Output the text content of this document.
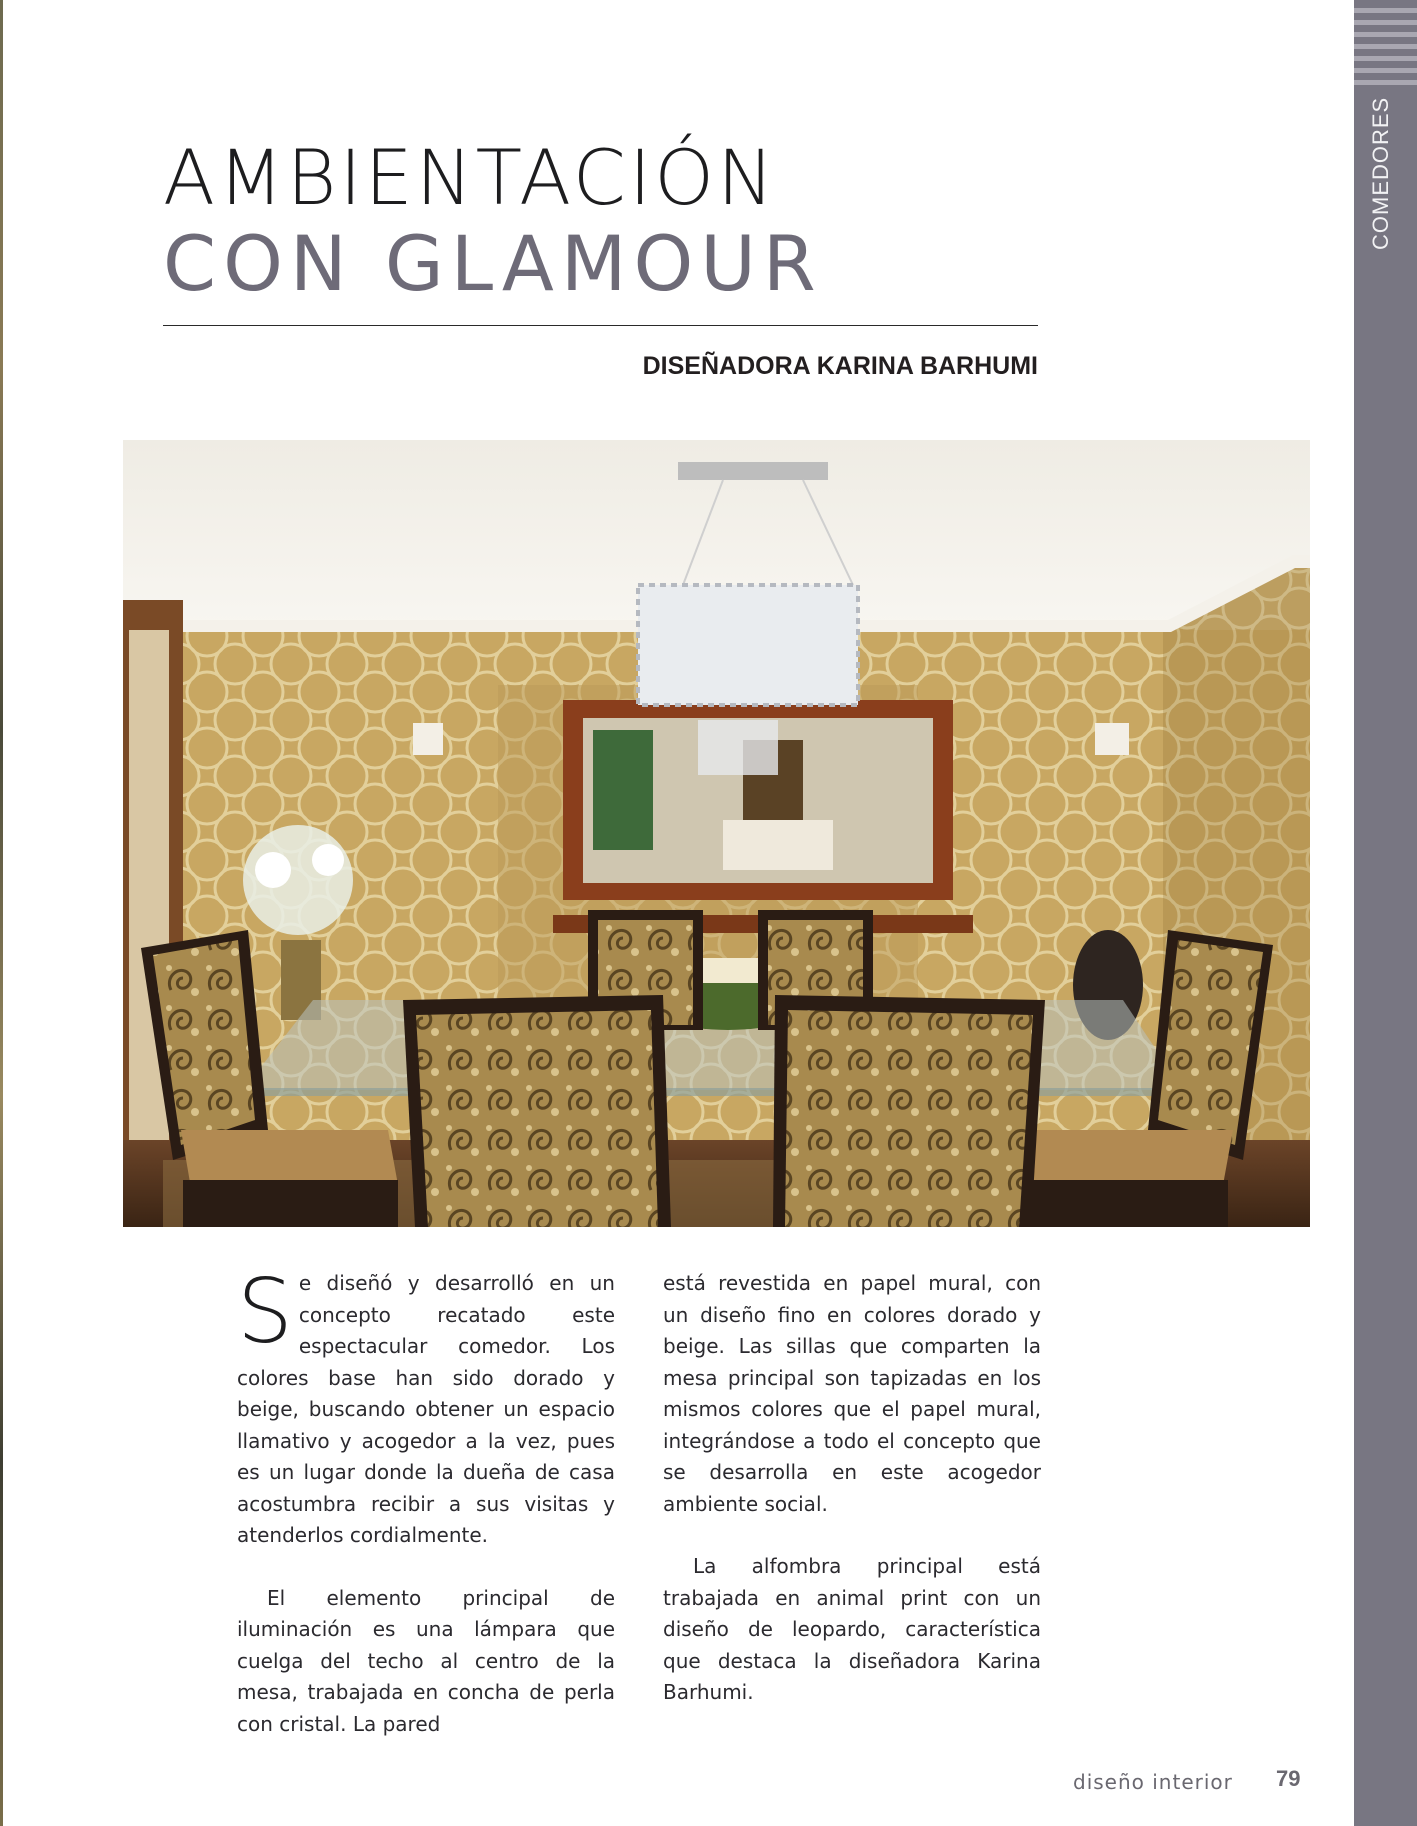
COMEDORES
AMBIENTACIÓN
CON GLAMOUR
DISEÑADORA KARINA BARHUMI

Se diseñó y desarrolló en un concepto recatado este espectacular comedor. Los colores base han sido dorado y beige, buscando obtener un espacio llamativo y acogedor a la vez, pues es un lugar donde la dueña de casa acostumbra recibir a sus visitas y atenderlos cordialmente.

El elemento principal de iluminación es una lámpara que cuelga del techo al centro de la mesa, trabajada en concha de perla con cristal. La pared

está revestida en papel mural, con un diseño fino en colores dorado y beige. Las sillas que comparten la mesa principal son tapizadas en los mismos colores que el papel mural, integrándose a todo el concepto que se desarrolla en este acogedor ambiente social.

La alfombra principal está trabajada en animal print con un diseño de leopardo, característica que destaca la diseñadora Karina Barhumi.

diseño interior 79
